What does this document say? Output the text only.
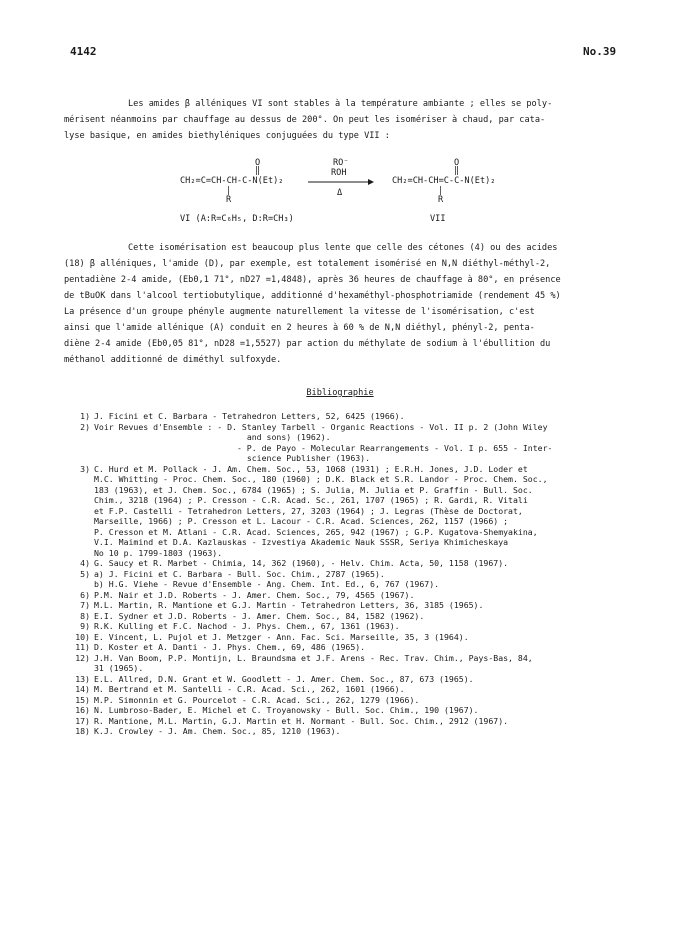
4142	No.39

Les amides β alléniques VI sont stables à la température ambiante ; elles se poly-

mérisent néanmoins par chauffage au dessus de 200°. On peut les isomériser à chaud, par cata-

lyse basique, en amides biethyléniques conjuguées du type VII :

O
‖
CH₂=C=CH-CH-C-N(Et)₂
|
R
VI (A:R=C₆H₅, D:R=CH₃)
RO⁻
ROH
Δ
O
‖
CH₂=CH-CH=C-C-N(Et)₂
|
R
VII

Cette isomérisation est beaucoup plus lente que celle des cétones (4) ou des acides

(18) β alléniques, l'amide (D), par exemple, est totalement isomérisé en N,N diéthyl-méthyl-2,

pentadiène 2-4 amide, (Eb0,1 71°, nD27 =1,4848), après 36 heures de chauffage à 80°, en présence

de tBuOK dans l'alcool tertiobutylique, additionné d'hexaméthyl-phosphotriamide (rendement 45 %)

La présence d'un groupe phényle augmente naturellement la vitesse de l'isomérisation, c'est

ainsi que l'amide allénique (A) conduit en 2 heures à 60 % de N,N diéthyl, phényl-2, penta-

diène 2-4 amide (Eb0,05 81°, nD28 =1,5527) par action du méthylate de sodium à l'ébullition du

méthanol additionné de diméthyl sulfoxyde.

Bibliographie
1) J. Ficini et C. Barbara - Tetrahedron Letters, 52, 6425 (1966).
2) Voir Revues d'Ensemble : - D. Stanley Tarbell - Organic Reactions - Vol. II p. 2 (John Wiley
and sons) (1962).
- P. de Payo - Molecular Rearrangements - Vol. I p. 655 - Inter-
science Publisher (1963).
3) C. Hurd et M. Pollack - J. Am. Chem. Soc., 53, 1068 (1931) ; E.R.H. Jones, J.D. Loder et
M.C. Whitting - Proc. Chem. Soc., 180 (1960) ; D.K. Black et S.R. Landor - Proc. Chem. Soc.,
183 (1963), et J. Chem. Soc., 6784 (1965) ; S. Julia, M. Julia et P. Graffin - Bull. Soc.
Chim., 3218 (1964) ; P. Cresson - C.R. Acad. Sc., 261, 1707 (1965) ; R. Gardi, R. Vitali
et F.P. Castelli - Tetrahedron Letters, 27, 3203 (1964) ; J. Legras (Thèse de Doctorat,
Marseille, 1966) ; P. Cresson et L. Lacour - C.R. Acad. Sciences, 262, 1157 (1966) ;
P. Cresson et M. Atlani - C.R. Acad. Sciences, 265, 942 (1967) ; G.P. Kugatova-Shemyakina,
V.I. Maimind et D.A. Kazlauskas - Izvestiya Akademic Nauk SSSR, Seriya Khimicheskaya
No 10 p. 1799-1803 (1963).
4) G. Saucy et R. Marbet - Chimia, 14, 362 (1960), - Helv. Chim. Acta, 50, 1158 (1967).
5) a) J. Ficini et C. Barbara - Bull. Soc. Chim., 2787 (1965).
b) H.G. Viehe - Revue d'Ensemble - Ang. Chem. Int. Ed., 6, 767 (1967).
6) P.M. Nair et J.D. Roberts - J. Amer. Chem. Soc., 79, 4565 (1967).
7) M.L. Martin, R. Mantione et G.J. Martin - Tetrahedron Letters, 36, 3185 (1965).
8) E.I. Sydner et J.D. Roberts - J. Amer. Chem. Soc., 84, 1582 (1962).
9) R.K. Kulling et F.C. Nachod - J. Phys. Chem., 67, 1361 (1963).
10) E. Vincent, L. Pujol et J. Metzger - Ann. Fac. Sci. Marseille, 35, 3 (1964).
11) D. Koster et A. Danti - J. Phys. Chem., 69, 486 (1965).
12) J.H. Van Boom, P.P. Montijn, L. Braundsma et J.F. Arens - Rec. Trav. Chim., Pays-Bas, 84,
31 (1965).
13) E.L. Allred, D.N. Grant et W. Goodlett - J. Amer. Chem. Soc., 87, 673 (1965).
14) M. Bertrand et M. Santelli - C.R. Acad. Sci., 262, 1601 (1966).
15) M.P. Simonnin et G. Pourcelot - C.R. Acad. Sci., 262, 1279 (1966).
16) N. Lumbroso-Bader, E. Michel et C. Troyanowsky - Bull. Soc. Chim., 190 (1967).
17) R. Mantione, M.L. Martin, G.J. Martin et H. Normant - Bull. Soc. Chim., 2912 (1967).
18) K.J. Crowley - J. Am. Chem. Soc., 85, 1210 (1963).
